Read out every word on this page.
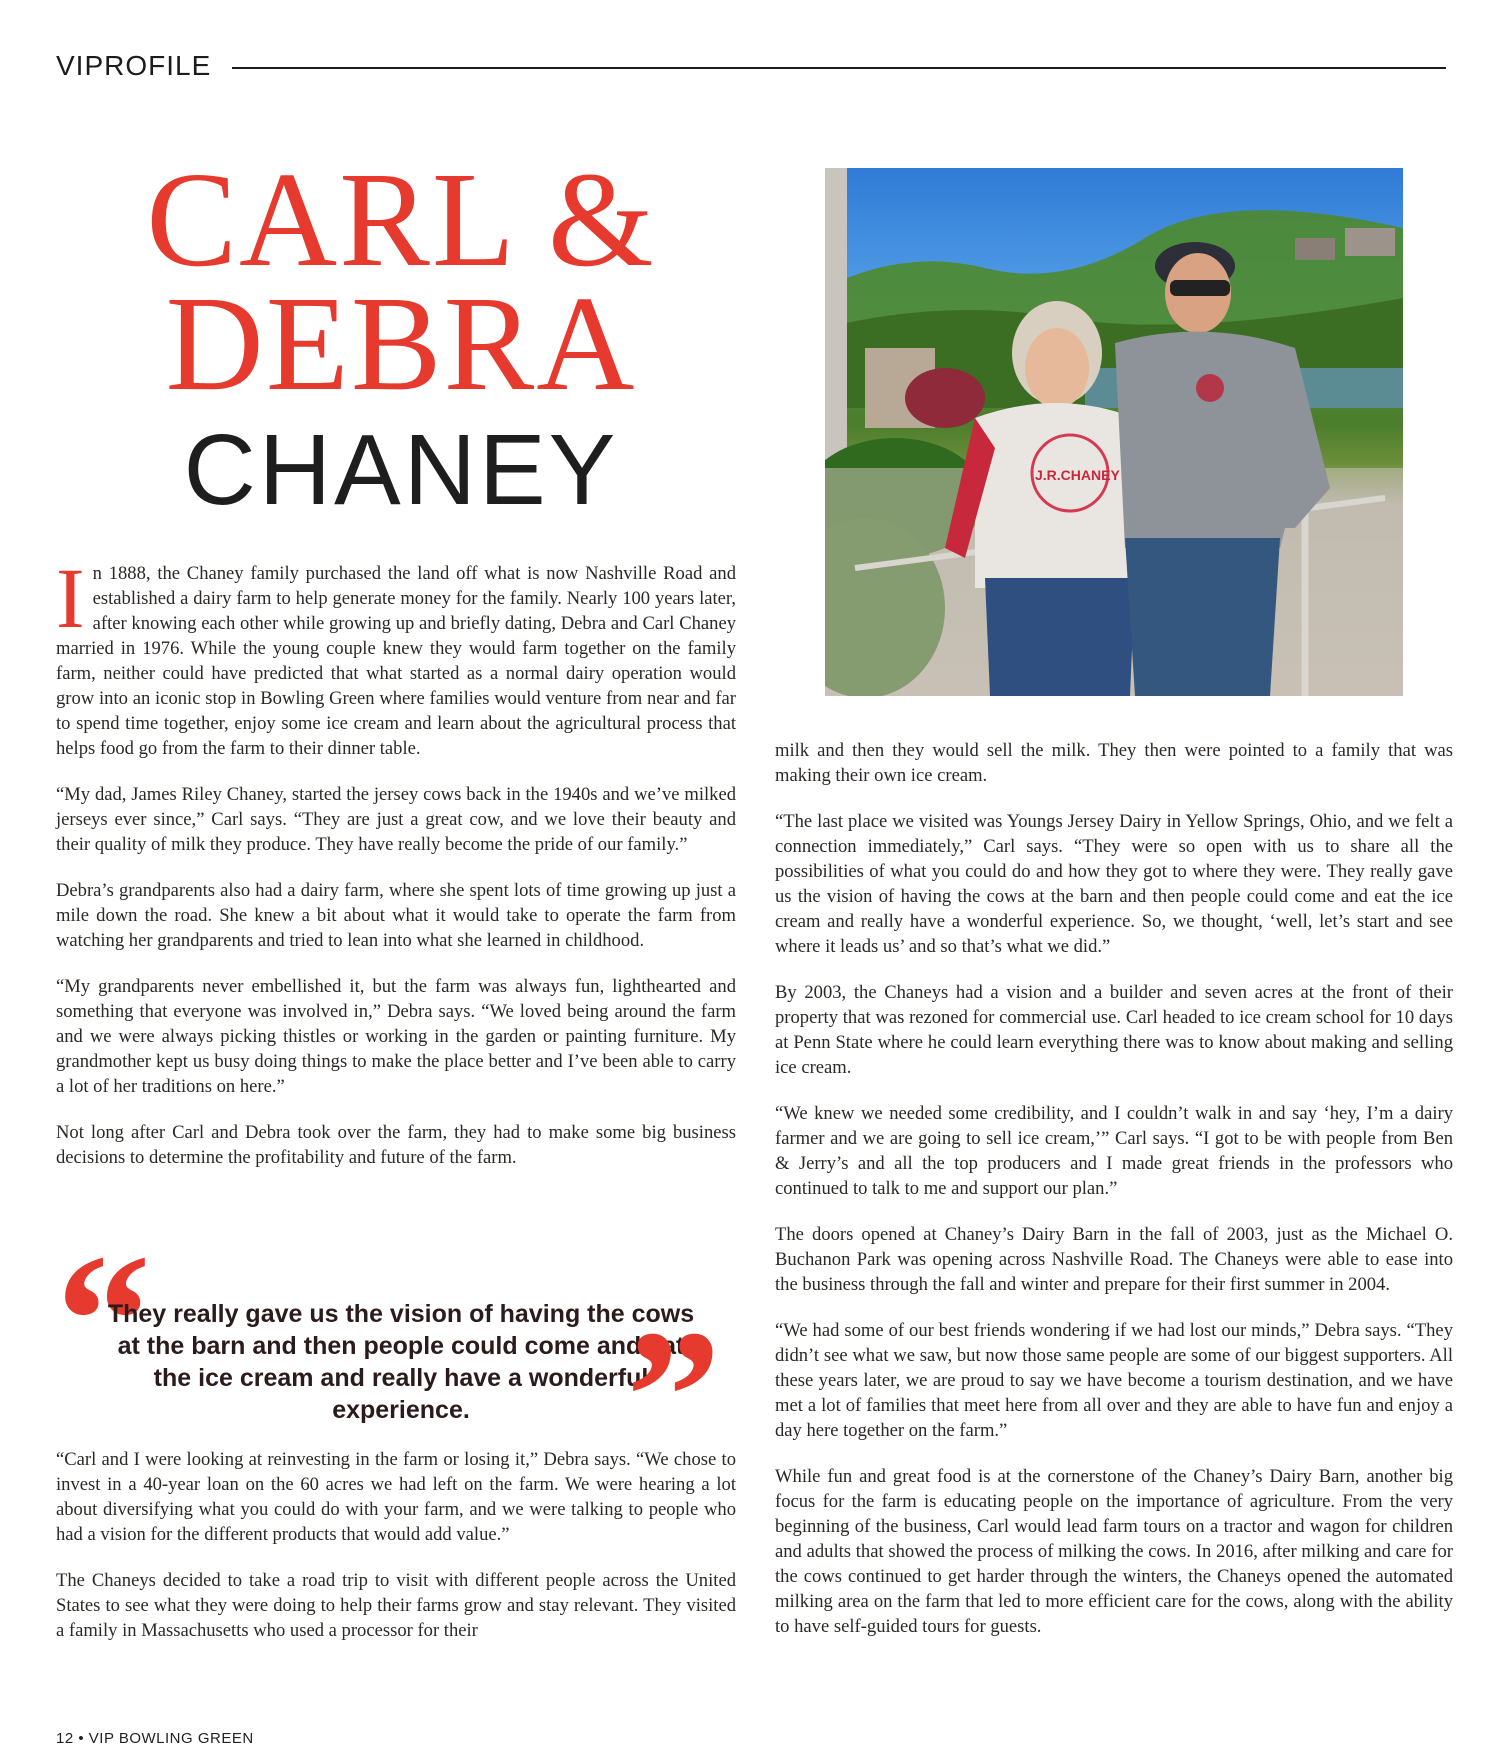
VIPROFILE
CARL &
DEBRA
CHANEY	J.R.CHANEY

In 1888, the Chaney family purchased the land off what is now Nashville Road and established a dairy farm to help generate money for the family. Nearly 100 years later, after knowing each other while growing up and briefly dating, Debra and Carl Chaney married in 1976. While the young couple knew they would farm together on the family farm, neither could have predicted that what started as a normal dairy operation would grow into an iconic stop in Bowling Green where families would venture from near and far to spend time together, enjoy some ice cream and learn about the agricultural process that helps food go from the farm to their dinner table.

“My dad, James Riley Chaney, started the jersey cows back in the 1940s and we’ve milked jerseys ever since,” Carl says. “They are just a great cow, and we love their beauty and their quality of milk they produce. They have really become the pride of our family.”

Debra’s grandparents also had a dairy farm, where she spent lots of time growing up just a mile down the road. She knew a bit about what it would take to operate the farm from watching her grandparents and tried to lean into what she learned in childhood.

“My grandparents never embellished it, but the farm was always fun, lighthearted and something that everyone was involved in,” Debra says. “We loved being around the farm and we were always picking thistles or working in the garden or painting furniture. My grandmother kept us busy doing things to make the place better and I’ve been able to carry a lot of her traditions on here.”

Not long after Carl and Debra took over the farm, they had to make some big business decisions to determine the profitability and future of the farm.

“
They really gave us the vision of having the cows at the barn and then people could come and eat the ice cream and really have a wonderful experience. ”

“Carl and I were looking at reinvesting in the farm or losing it,” Debra says. “We chose to invest in a 40-year loan on the 60 acres we had left on the farm. We were hearing a lot about diversifying what you could do with your farm, and we were talking to people who had a vision for the different products that would add value.”

The Chaneys decided to take a road trip to visit with different people across the United States to see what they were doing to help their farms grow and stay relevant. They visited a family in Massachusetts who used a processor for their

milk and then they would sell the milk. They then were pointed to a family that was making their own ice cream.

“The last place we visited was Youngs Jersey Dairy in Yellow Springs, Ohio, and we felt a connection immediately,” Carl says. “They were so open with us to share all the possibilities of what you could do and how they got to where they were. They really gave us the vision of having the cows at the barn and then people could come and eat the ice cream and really have a wonderful experience. So, we thought, ‘well, let’s start and see where it leads us’ and so that’s what we did.”

By 2003, the Chaneys had a vision and a builder and seven acres at the front of their property that was rezoned for commercial use. Carl headed to ice cream school for 10 days at Penn State where he could learn everything there was to know about making and selling ice cream.

“We knew we needed some credibility, and I couldn’t walk in and say ‘hey, I’m a dairy farmer and we are going to sell ice cream,’” Carl says. “I got to be with people from Ben & Jerry’s and all the top producers and I made great friends in the professors who continued to talk to me and support our plan.”

The doors opened at Chaney’s Dairy Barn in the fall of 2003, just as the Michael O. Buchanon Park was opening across Nashville Road. The Chaneys were able to ease into the business through the fall and winter and prepare for their first summer in 2004.

“We had some of our best friends wondering if we had lost our minds,” Debra says. “They didn’t see what we saw, but now those same people are some of our biggest supporters. All these years later, we are proud to say we have become a tourism destination, and we have met a lot of families that meet here from all over and they are able to have fun and enjoy a day here together on the farm.”

While fun and great food is at the cornerstone of the Chaney’s Dairy Barn, another big focus for the farm is educating people on the importance of agriculture. From the very beginning of the business, Carl would lead farm tours on a tractor and wagon for children and adults that showed the process of milking the cows. In 2016, after milking and care for the cows continued to get harder through the winters, the Chaneys opened the automated milking area on the farm that led to more efficient care for the cows, along with the ability to have self-guided tours for guests.

12 • VIP BOWLING GREEN
